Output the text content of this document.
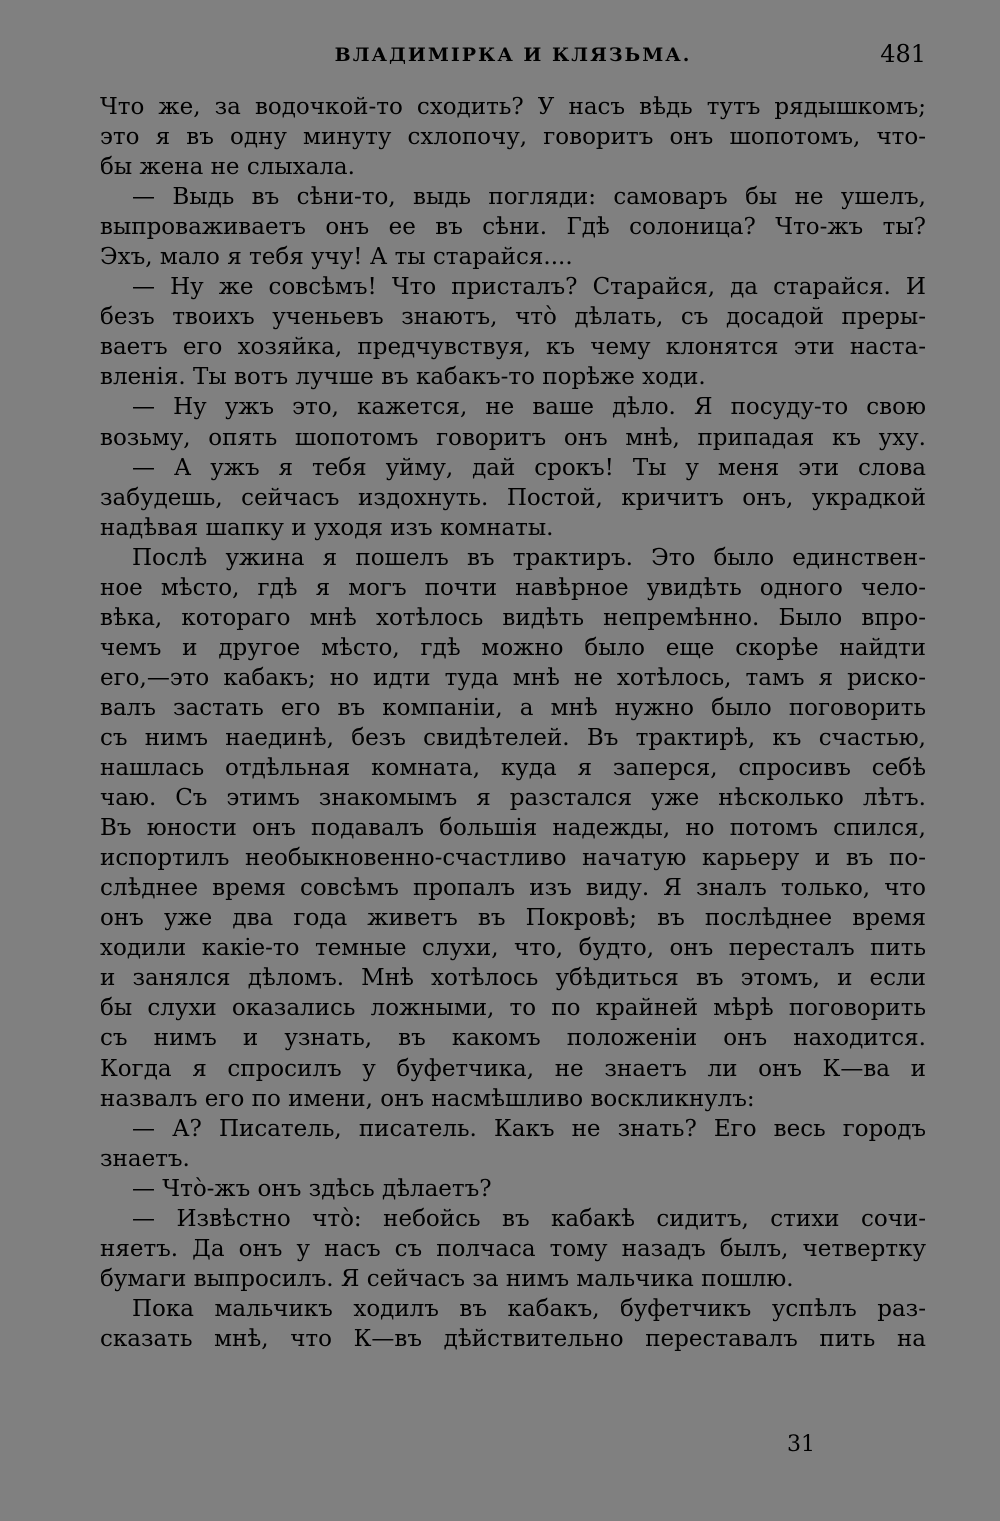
ВЛАДИМІРКА И КЛЯЗЬМА.	481
Что же, за водочкой-то сходить? У насъ вѣдь тутъ рядышкомъ;
это я въ одну минуту схлопочу, говоритъ онъ шопотомъ, что-
бы жена не слыхала.
— Выдь въ сѣни-то, выдь погляди: самоваръ бы не ушелъ,
выпроваживаетъ онъ ее въ сѣни. Гдѣ солоница? Что-жъ ты?
Эхъ, мало я тебя учу! А ты старайся....
— Ну же совсѣмъ! Что присталъ? Старайся, да старайся. И
безъ твоихъ ученьевъ знаютъ, что̀ дѣлать, съ досадой преры-
ваетъ его хозяйка, предчувствуя, къ чему клонятся эти наста-
вленія. Ты вотъ лучше въ кабакъ-то порѣже ходи.
— Ну ужъ это, кажется, не ваше дѣло. Я посуду-то свою
возьму, опять шопотомъ говоритъ онъ мнѣ, припадая къ уху.
— А ужъ я тебя уйму, дай срокъ! Ты у меня эти слова
забудешь, сейчасъ издохнуть. Постой, кричитъ онъ, украдкой
надѣвая шапку и уходя изъ комнаты.
Послѣ ужина я пошелъ въ трактиръ. Это было единствен-
ное мѣсто, гдѣ я могъ почти навѣрное увидѣть одного чело-
вѣка, котораго мнѣ хотѣлось видѣть непремѣнно. Было впро-
чемъ и другое мѣсто, гдѣ можно было еще скорѣе найдти
его,—это кабакъ; но идти туда мнѣ не хотѣлось, тамъ я риско-
валъ застать его въ компаніи, а мнѣ нужно было поговорить
съ нимъ наединѣ, безъ свидѣтелей. Въ трактирѣ, къ счастью,
нашлась отдѣльная комната, куда я заперся, спросивъ себѣ
чаю. Съ этимъ знакомымъ я разстался уже нѣсколько лѣтъ.
Въ юности онъ подавалъ большія надежды, но потомъ спился,
испортилъ необыкновенно-счастливо начатую карьеру и въ по-
слѣднее время совсѣмъ пропалъ изъ виду. Я зналъ только, что
онъ уже два года живетъ въ Покровѣ; въ послѣднее время
ходили какіе-то темные слухи, что, будто, онъ пересталъ пить
и занялся дѣломъ. Мнѣ хотѣлось убѣдиться въ этомъ, и если
бы слухи оказались ложными, то по крайней мѣрѣ поговорить
съ нимъ и узнать, въ какомъ положеніи онъ находится.
Когда я спросилъ у буфетчика, не знаетъ ли онъ К—ва и
назвалъ его по имени, онъ насмѣшливо воскликнулъ:
— А? Писатель, писатель. Какъ не знать? Его весь городъ
знаетъ.
— Что̀-жъ онъ здѣсь дѣлаетъ?
— Извѣстно что̀: небойсь въ кабакѣ сидитъ, стихи сочи-
няетъ. Да онъ у насъ съ полчаса тому назадъ былъ, четвертку
бумаги выпросилъ. Я сейчасъ за нимъ мальчика пошлю.
Пока мальчикъ ходилъ въ кабакъ, буфетчикъ успѣлъ раз-
сказать мнѣ, что К—въ дѣйствительно переставалъ пить на
31
